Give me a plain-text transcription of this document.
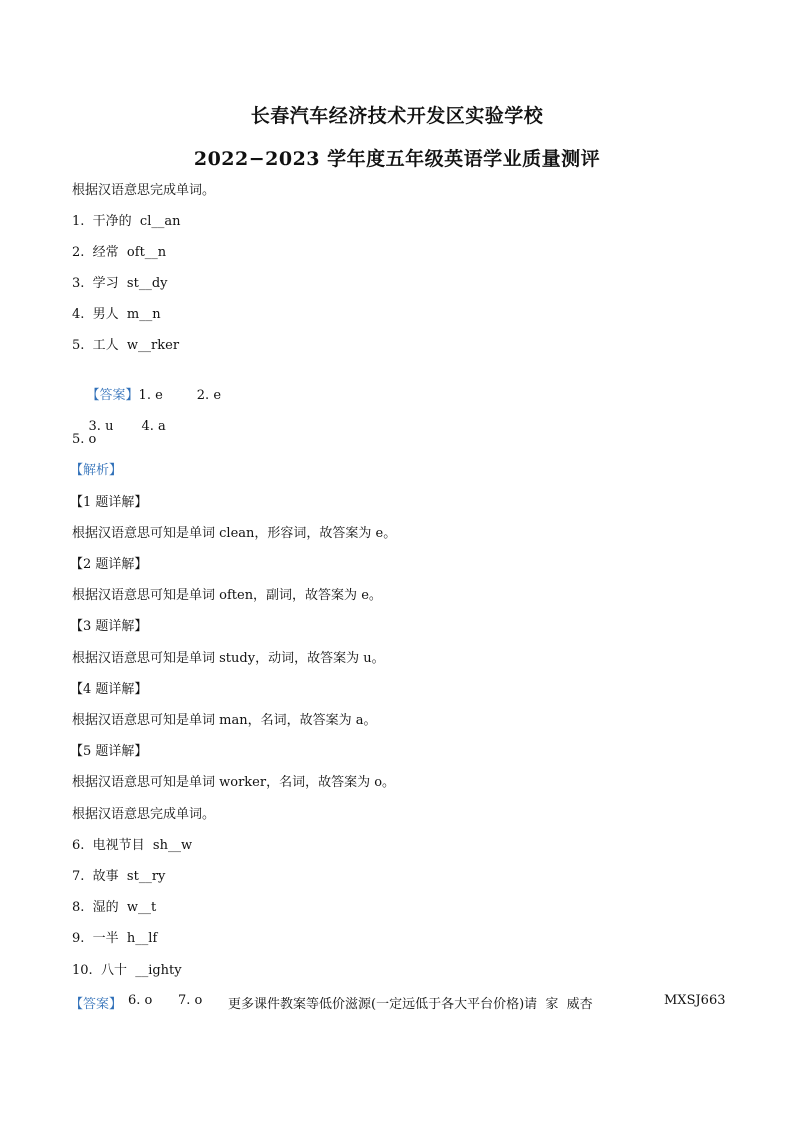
长春汽车经济技术开发区实验学校
2022−2023 学年度五年级英语学业质量测评
根据汉语意思完成单词。
1.  干净的  cl__an
2.  经常  oft__n
3.  学习  st__dy
4.  男人  m__n
5.  工人  w__rker

【答案】1. e	2. e

3. u 4. a

5. o
【解析】
【1 题详解】
根据汉语意思可知是单词 clean，形容词，故答案为 e。
【2 题详解】
根据汉语意思可知是单词 often，副词，故答案为 e。
【3 题详解】
根据汉语意思可知是单词 study，动词，故答案为 u。
【4 题详解】
根据汉语意思可知是单词 man，名词，故答案为 a。
【5 题详解】
根据汉语意思可知是单词 worker，名词，故答案为 o。
根据汉语意思完成单词。
6.  电视节目  sh__w
7.  故事  st__ry
8.  湿的  w__t
9.  一半  h__lf
10.  八十  __ighty

【答案】

6. o

7. o

更多课件教案等低价滋源(一定远低于各大平台价格)请  家  威杏

	MXSJ663
